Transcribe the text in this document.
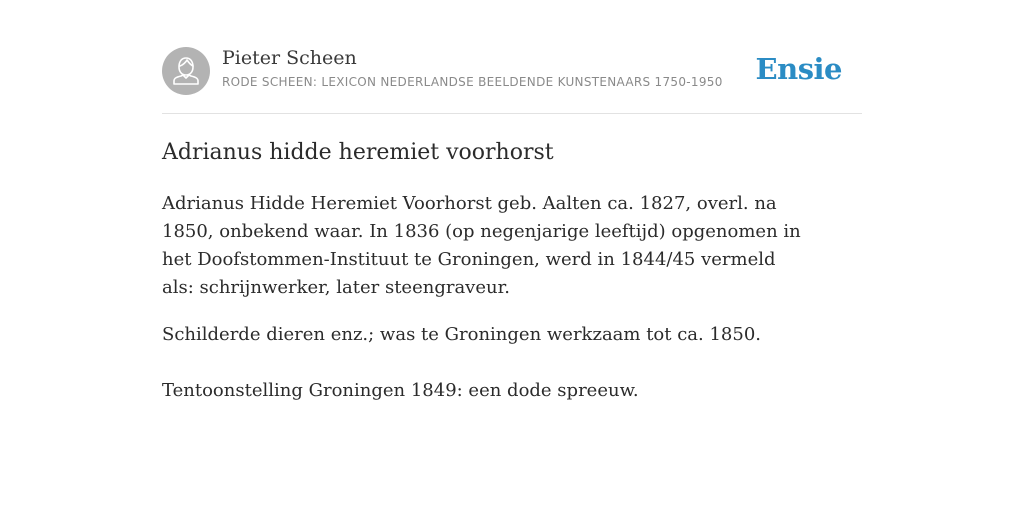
Pieter Scheen
RODE SCHEEN: LEXICON NEDERLANDSE BEELDENDE KUNSTENAARS 1750-1950 Ensie
Adrianus hidde heremiet voorhorst

Adrianus Hidde Heremiet Voorhorst geb. Aalten ca. 1827, overl. na 1850, onbekend waar. In 1836 (op negenjarige leeftijd) opgenomen in het Doofstommen-Instituut te Groningen, werd in 1844/45 vermeld als: schrijnwerker, later steengraveur.

Schilderde dieren enz.; was te Groningen werkzaam tot ca. 1850.

Tentoonstelling Groningen 1849: een dode spreeuw.
